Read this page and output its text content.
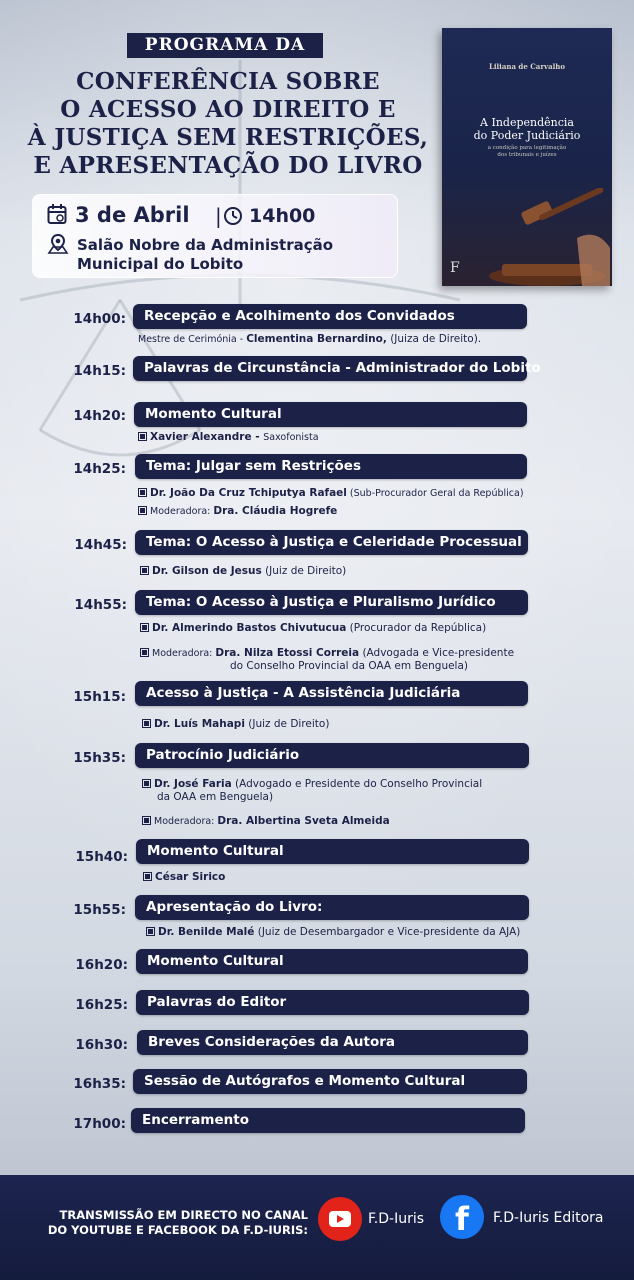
PROGRAMA DA
CONFERÊNCIA SOBRE
O ACESSO AO DIREITO E
À JUSTIÇA SEM RESTRIÇÕES,
E APRESENTAÇÃO DO LIVRO
3 de Abril | 14h00
Salão Nobre da Administração
Municipal do Lobito
Liliana de Carvalho
A Independência
do Poder Judiciário
a condição para legitimação
dos tribunais e juízes
F
14h00:	Recepção e Acolhimento dos Convidados
Mestre de Cerimónia - Clementina Bernardino, (Juiza de Direito).
14h15:	Palavras de Circunstância - Administrador do Lobito
14h20:	Momento Cultural
Xavier Alexandre - Saxofonista
14h25:	Tema: Julgar sem Restrições
Dr. João Da Cruz Tchiputya Rafael (Sub-Procurador Geral da República)
Moderadora: Dra. Cláudia Hogrefe
14h45:	Tema: O Acesso à Justiça e Celeridade Processual
Dr. Gilson de Jesus (Juiz de Direito)
14h55:	Tema: O Acesso à Justiça e Pluralismo Jurídico
Dr. Almerindo Bastos Chivutucua (Procurador da República)
Moderadora: Dra. Nilza Etossi Correia (Advogada e Vice-presidente
do Conselho Provincial da OAA em Benguela)
15h15:	Acesso à Justiça - A Assistência Judiciária
Dr. Luís Mahapi (Juiz de Direito)
15h35:	Patrocínio Judiciário
Dr. José Faria (Advogado e Presidente do Conselho Provincial
da OAA em Benguela)
Moderadora: Dra. Albertina Sveta Almeida
15h40:	Momento Cultural
César Sirico
15h55:	Apresentação do Livro:
Dr. Benilde Malé (Juiz de Desembargador e Vice-presidente da AJA)
16h20:	Momento Cultural
16h25:	Palavras do Editor
16h30:	Breves Considerações da Autora
16h35:	Sessão de Autógrafos e Momento Cultural
17h00:	Encerramento
TRANSMISSÃO EM DIRECTO NO CANAL
DO YOUTUBE E FACEBOOK DA F.D-IURIS:
F.D-Iuris f	F.D-Iuris Editora
